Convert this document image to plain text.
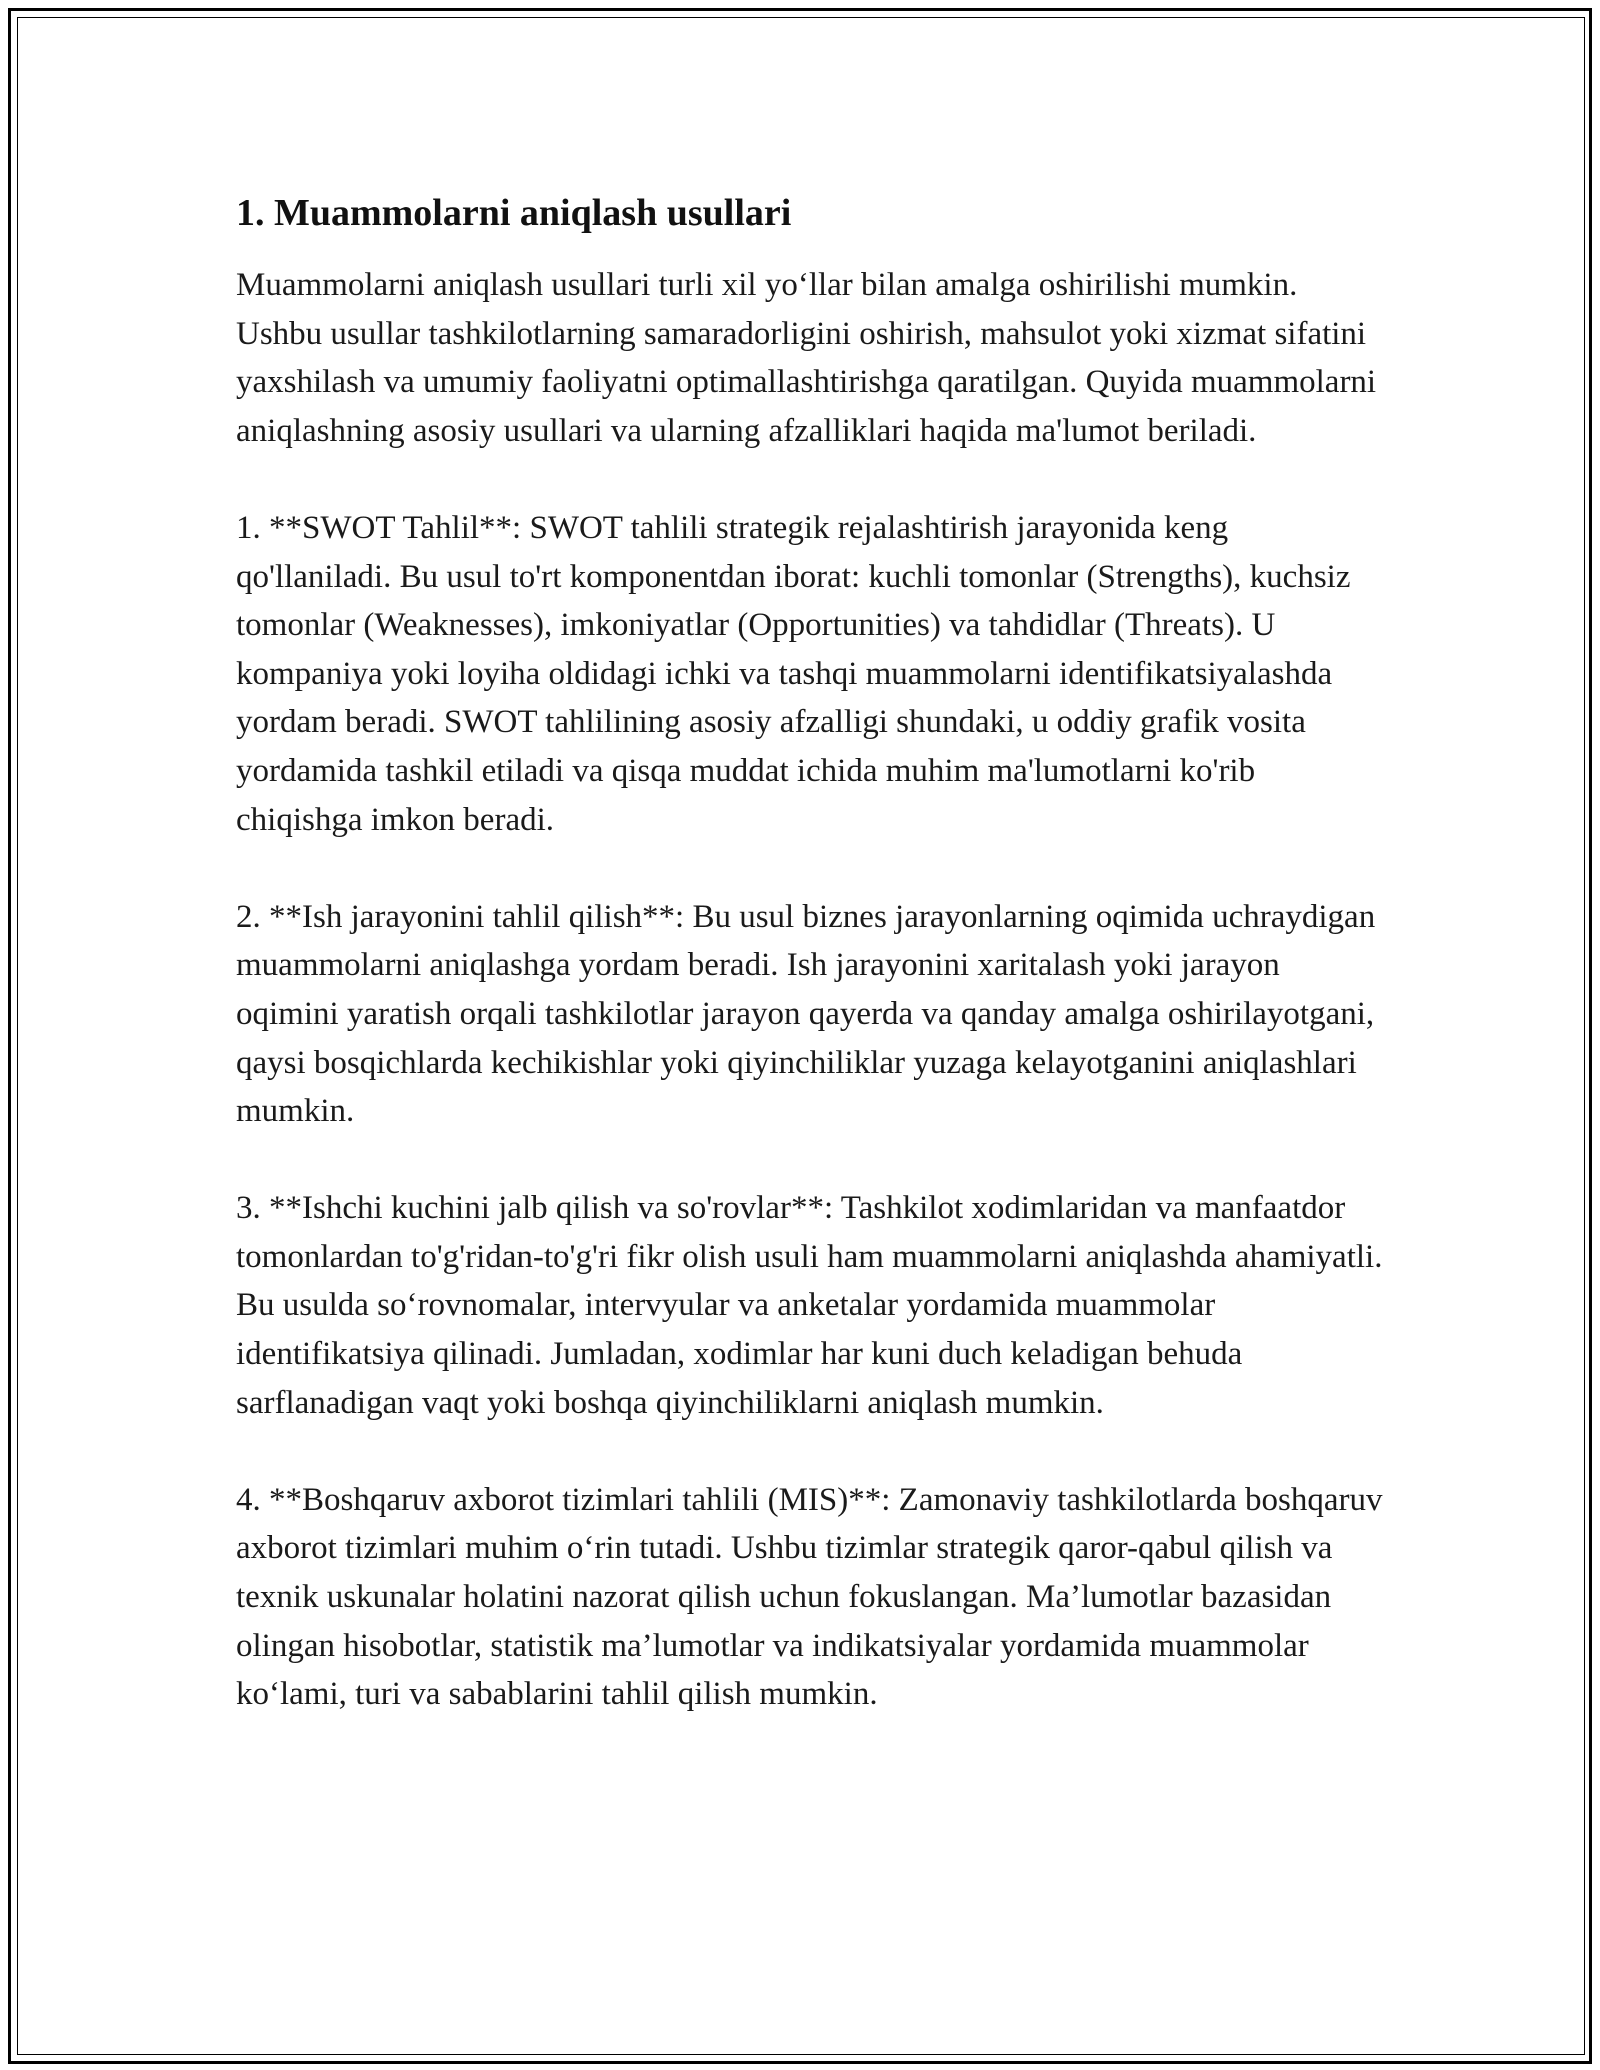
1. Muammolarni aniqlash usullari

Muammolarni aniqlash usullari turli xil yo‘llar bilan amalga oshirilishi mumkin. Ushbu usullar tashkilotlarning samaradorligini oshirish, mahsulot yoki xizmat sifatini yaxshilash va umumiy faoliyatni optimallashtirishga qaratilgan. Quyida muammolarni aniqlashning asosiy usullari va ularning afzalliklari haqida ma'lumot beriladi.

1. **SWOT Tahlil**: SWOT tahlili strategik rejalashtirish jarayonida keng qo'llaniladi. Bu usul to'rt komponentdan iborat: kuchli tomonlar (Strengths), kuchsiz tomonlar (Weaknesses), imkoniyatlar (Opportunities) va tahdidlar (Threats). U kompaniya yoki loyiha oldidagi ichki va tashqi muammolarni identifikatsiyalashda yordam beradi. SWOT tahlilining asosiy afzalligi shundaki, u oddiy grafik vosita yordamida tashkil etiladi va qisqa muddat ichida muhim ma'lumotlarni ko'rib chiqishga imkon beradi.

2. **Ish jarayonini tahlil qilish**: Bu usul biznes jarayonlarning oqimida uchraydigan muammolarni aniqlashga yordam beradi. Ish jarayonini xaritalash yoki jarayon oqimini yaratish orqali tashkilotlar jarayon qayerda va qanday amalga oshirilayotgani, qaysi bosqichlarda kechikishlar yoki qiyinchiliklar yuzaga kelayotganini aniqlashlari mumkin.

3. **Ishchi kuchini jalb qilish va so'rovlar**: Tashkilot xodimlaridan va manfaatdor tomonlardan to'g'ridan-to'g'ri fikr olish usuli ham muammolarni aniqlashda ahamiyatli. Bu usulda so‘rovnomalar, intervyular va anketalar yordamida muammolar identifikatsiya qilinadi. Jumladan, xodimlar har kuni duch keladigan behuda sarflanadigan vaqt yoki boshqa qiyinchiliklarni aniqlash mumkin.

4. **Boshqaruv axborot tizimlari tahlili (MIS)**: Zamonaviy tashkilotlarda boshqaruv axborot tizimlari muhim o‘rin tutadi. Ushbu tizimlar strategik qaror-qabul qilish va texnik uskunalar holatini nazorat qilish uchun fokuslangan. Ma’lumotlar bazasidan olingan hisobotlar, statistik ma’lumotlar va indikatsiyalar yordamida muammolar ko‘lami, turi va sabablarini tahlil qilish mumkin.
